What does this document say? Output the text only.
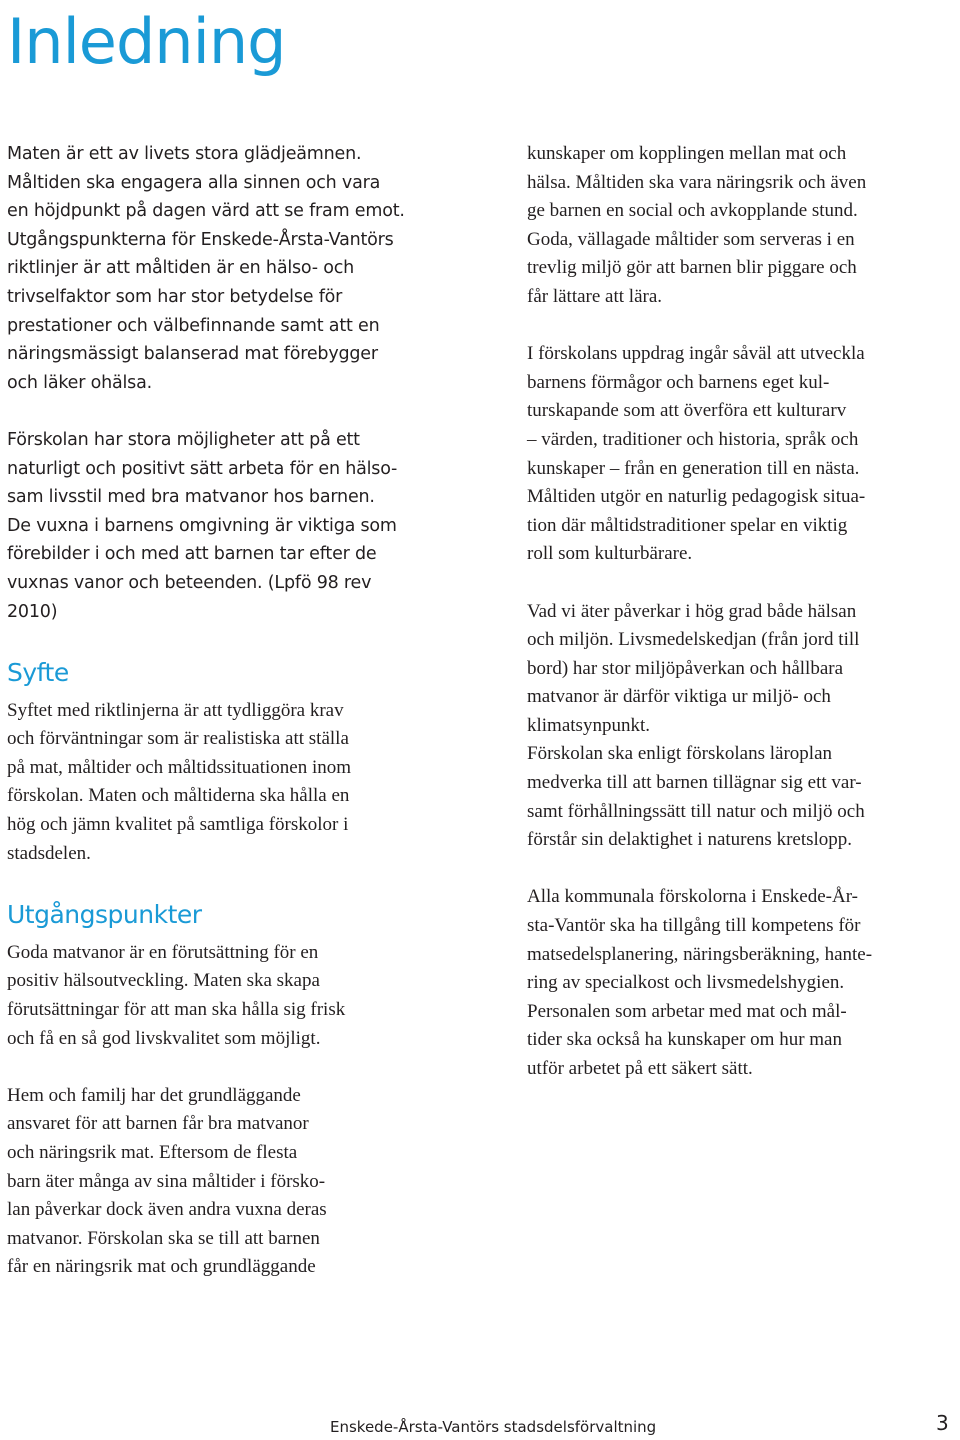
Inledning

Maten är ett av livets stora glädjeämnen.
Måltiden ska engagera alla sinnen och vara
en höjdpunkt på dagen värd att se fram emot.
Utgångspunkterna för Enskede-Årsta-Vantörs
riktlinjer är att måltiden är en hälso- och
trivselfaktor som har stor betydelse för
prestationer och välbefinnande samt att en
näringsmässigt balanserad mat förebygger
och läker ohälsa.

Förskolan har stora möjligheter att på ett
naturligt och positivt sätt arbeta för en hälso-
sam livsstil med bra matvanor hos barnen.
De vuxna i barnens omgivning är viktiga som
förebilder i och med att barnen tar efter de
vuxnas vanor och beteenden. (Lpfö 98 rev
2010)

Syfte

Syftet med riktlinjerna är att tydliggöra krav
och förväntningar som är realistiska att ställa
på mat, måltider och måltidssituationen inom
förskolan. Maten och måltiderna ska hålla en
hög och jämn kvalitet på samtliga förskolor i
stadsdelen.

Utgångspunkter

Goda matvanor är en förutsättning för en
positiv hälsoutveckling. Maten ska skapa
förutsättningar för att man ska hålla sig frisk
och få en så god livskvalitet som möjligt.

Hem och familj har det grundläggande
ansvaret för att barnen får bra matvanor
och näringsrik mat. Eftersom de flesta
barn äter många av sina måltider i försko-
lan påverkar dock även andra vuxna deras
matvanor. Förskolan ska se till att barnen
får en näringsrik mat och grundläggande

kunskaper om kopplingen mellan mat och
hälsa. Måltiden ska vara näringsrik och även
ge barnen en social och avkopplande stund.
Goda, vällagade måltider som serveras i en
trevlig miljö gör att barnen blir piggare och
får lättare att lära.

I förskolans uppdrag ingår såväl att utveckla
barnens förmågor och barnens eget kul-
turskapande som att överföra ett kulturarv
– värden, traditioner och historia, språk och
kunskaper – från en generation till en nästa.
Måltiden utgör en naturlig pedagogisk situa-
tion där måltidstraditioner spelar en viktig
roll som kulturbärare.

Vad vi äter påverkar i hög grad både hälsan
och miljön. Livsmedelskedjan (från jord till
bord) har stor miljöpåverkan och hållbara
matvanor är därför viktiga ur miljö- och
klimatsynpunkt.

Förskolan ska enligt förskolans läroplan
medverka till att barnen tillägnar sig ett var-
samt förhållningssätt till natur och miljö och
förstår sin delaktighet i naturens kretslopp.

Alla kommunala förskolorna i Enskede-År-
sta-Vantör ska ha tillgång till kompetens för
matsedelsplanering, näringsberäkning, hante-
ring av specialkost och livsmedelshygien.
Personalen som arbetar med mat och mål-
tider ska också ha kunskaper om hur man
utför arbetet på ett säkert sätt.

Enskede-Årsta-Vantörs stadsdelsförvaltning	3
